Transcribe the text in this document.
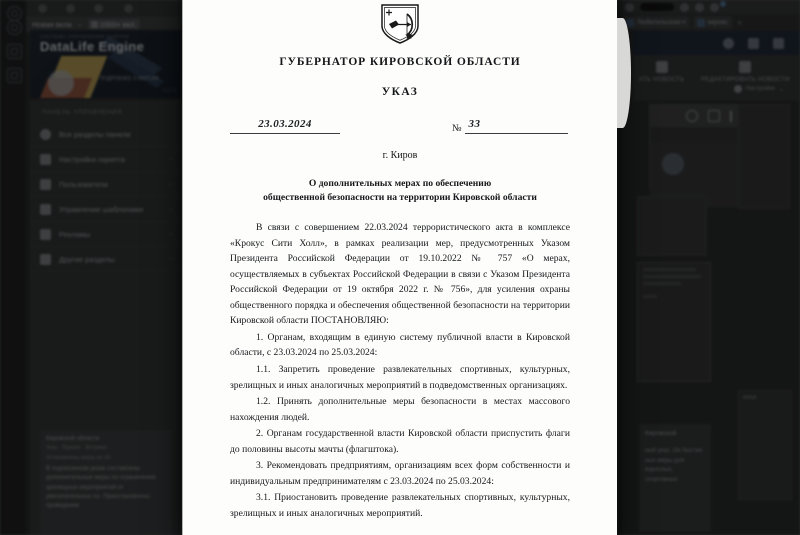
Новая вкла ⌄ 1000+ вкл.
СИСТЕМА УПРАВЛЕНИЯ САЙТОМ
DataLife Engine
ПОДРОБНЕЕ О ВЕРСИИ
v.17.2
ПАНЕЛЬ УПРАВЛЕНИЯ
Все разделы панели
Настройка скрипта	›
Пользователи	›
Управление шаблонами	›
Рекламы	›
Другие разделы	›
Кировской области
Указ · Принят · Вступил
Установлены меры по об
В подписанном указе составлены дополнительные меры по ограничению зрелищных мероприятий от увеселительных по. Приостановлено проведение
Любительская п	кировс +
АТЬ НОВОСТЬ	РЕДАКТИРОВАТЬ НОВОСТИ
Настройки ⌄
Кировской
ный указ. Он быстее ных меры для взрослых, спортивных
ился
ГУБЕРНАТОР КИРОВСКОЙ ОБЛАСТИ
УКАЗ
23.03.2024	№ 33
г. Киров
О дополнительных мерах по обеспечению
общественной безопасности на территории Кировской области

В связи с совершением 22.03.2024 террористического акта в комплексе «Крокус Сити Холл», в рамках реализации мер, предусмотренных Указом Президента Российской Федерации от 19.10.2022 № 757 «О мерах, осуществляемых в субъектах Российской Федерации в связи с Указом Президента Российской Федерации от 19 октября 2022 г. № 756», для усиления охраны общественного порядка и обеспечения общественной безопасности на территории Кировской области ПОСТАНОВЛЯЮ:

1. Органам, входящим в единую систему публичной власти в Кировской области, с 23.03.2024 по 25.03.2024:

1.1. Запретить проведение развлекательных спортивных, культурных, зрелищных и иных аналогичных мероприятий в подведомственных организациях.

1.2. Принять дополнительные меры безопасности в местах массового нахождения людей.

2. Органам государственной власти Кировской области приспустить флаги до половины высоты мачты (флагштока).

3. Рекомендовать предприятиям, организациям всех форм собственности и индивидуальным предпринимателям с 23.03.2024 по 25.03.2024:

3.1. Приостановить проведение развлекательных спортивных, культурных, зрелищных и иных аналогичных мероприятий.
